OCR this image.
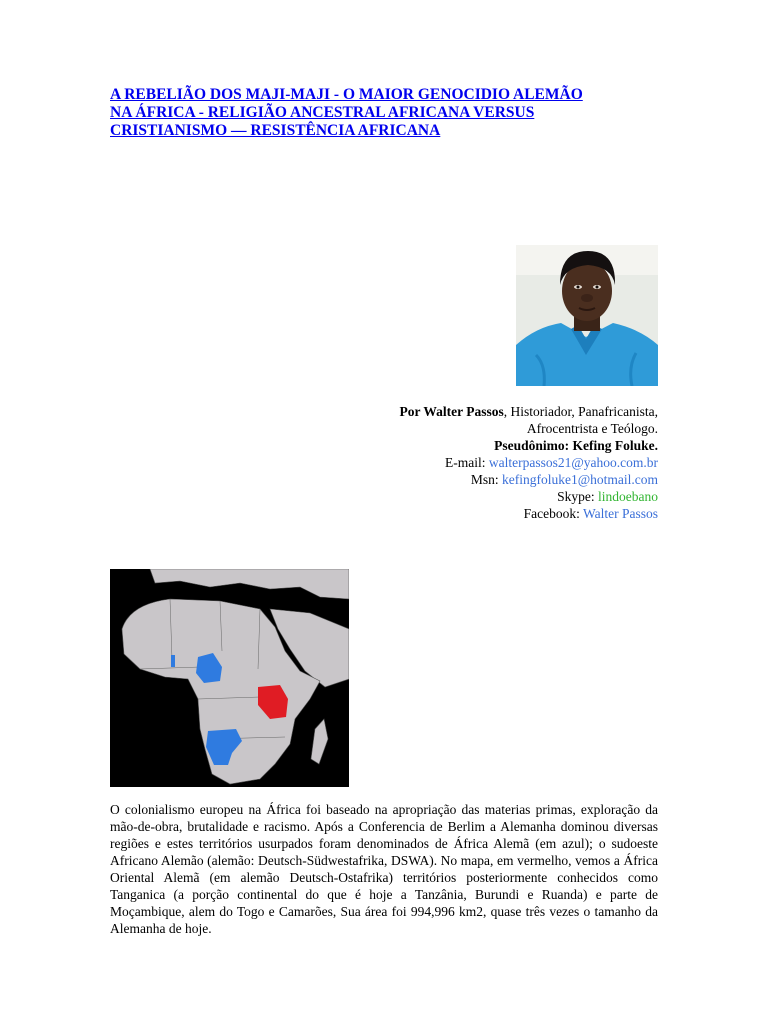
A REBELIÃO DOS MAJI-MAJI - O MAIOR GENOCIDIO ALEMÃO
NA ÁFRICA - RELIGIÃO ANCESTRAL AFRICANA VERSUS
CRISTIANISMO — RESISTÊNCIA AFRICANA
Por Walter Passos, Historiador, Panafricanista,
Afrocentrista e Teólogo.
Pseudônimo: Kefing Foluke.
E-mail: walterpassos21@yahoo.com.br
Msn: kefingfoluke1@hotmail.com
Skype: lindoebano
Facebook: Walter Passos

O colonialismo europeu na África foi baseado na apropriação das materias primas, exploração da mão-de-obra, brutalidade e racismo. Após a Conferencia de Berlim a Alemanha dominou diversas regiões e estes territórios usurpados foram denominados de África Alemã (em azul); o sudoeste Africano Alemão (alemão: Deutsch-Südwestafrika, DSWA). No mapa, em vermelho, vemos a África Oriental Alemã (em alemão Deutsch-Ostafrika) territórios posteriormente conhecidos como Tanganica (a porção continental do que é hoje a Tanzânia, Burundi e Ruanda) e parte de Moçambique, alem do Togo e Camarões, Sua área foi 994,996 km2, quase três vezes o tamanho da Alemanha de hoje.
